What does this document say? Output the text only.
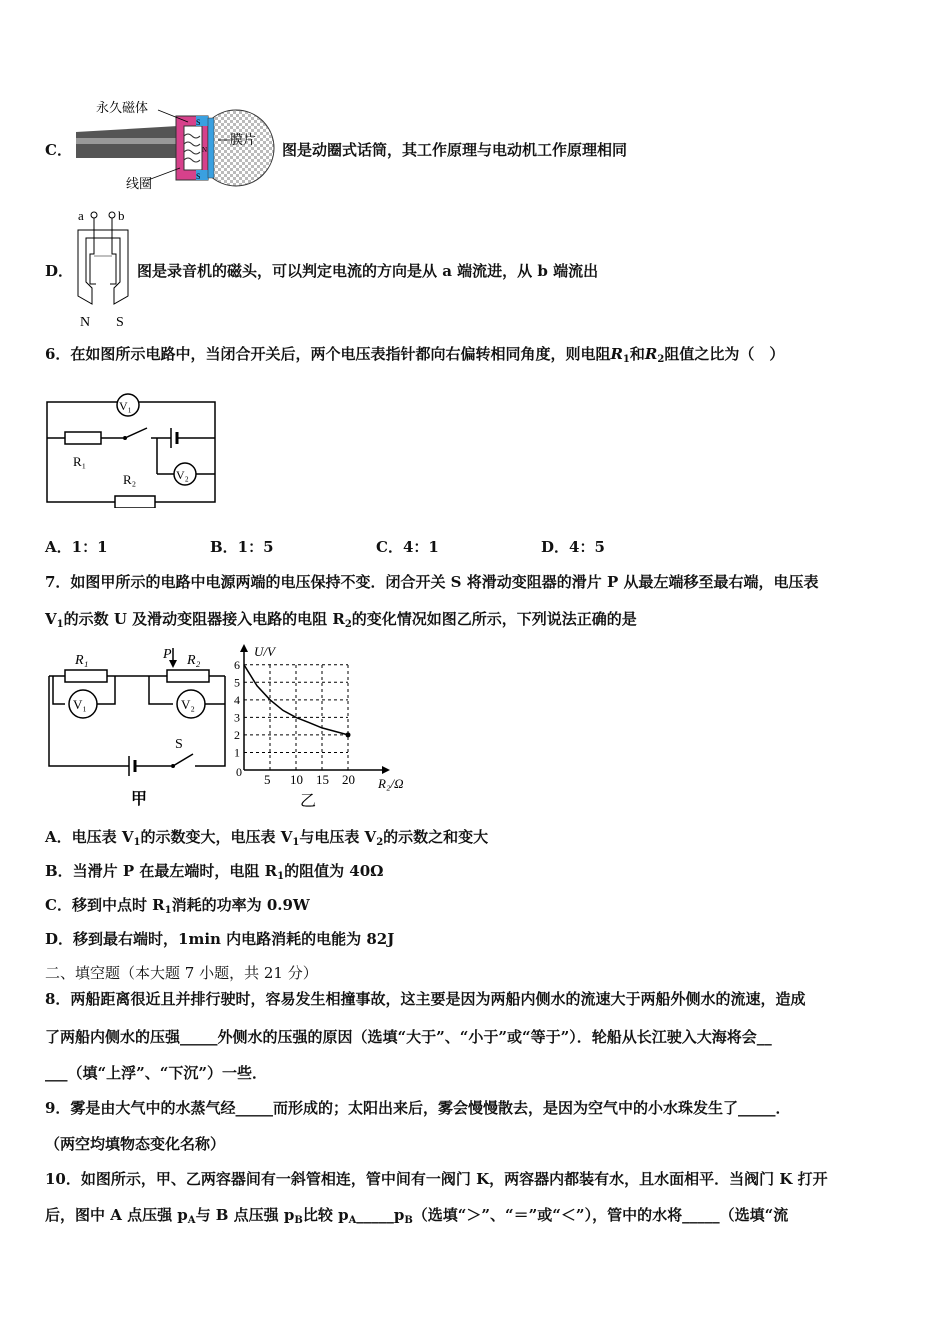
S
S
N
永久磁体
膜片
线圈
C．	图是动圈式话筒，其工作原理与电动机工作原理相同
a	b
N S
D．	图是录音机的磁头，可以判定电流的方向是从 a 端流进，从 b 端流出
6．在如图所示电路中，当闭合开关后，两个电压表指针都向右偏转相同角度，则电阻$R_1$和$R_2$阻值之比为（　）
V₁
V₂
R₁
R₂
A．1：1	B．1：5	C．4：1	D．4：5
7．如图甲所示的电路中电源两端的电压保持不变．闭合开关 S 将滑动变阻器的滑片 P 从最左端移至最右端，电压表
$V_1$的示数 U 及滑动变阻器接入电路的电阻 $R_2$的变化情况如图乙所示，下列说法正确的是
S
R₁
V₁
R₂
P
V₂
甲
1
2
3
4
5
6
5 10 15 20
U/V
R₂/Ω
0
乙
A．电压表 $V_1$的示数变大，电压表 $V_1$与电压表 $V_2$的示数之和变大
B．当滑片 P 在最左端时，电阻 $R_1$的阻值为 40Ω
C．移到中点时 $R_1$消耗的功率为 0.9W
D．移到最右端时，1min 内电路消耗的电能为 82J
二、填空题（本大题 7 小题，共 21 分）
8．两船距离很近且并排行驶时，容易发生相撞事故，这主要是因为两船内侧水的流速大于两船外侧水的流速，造成
了两船内侧水的压强_____外侧水的压强的原因（选填“大于”、“小于”或“等于”）．轮船从长江驶入大海将会__
___（填“上浮”、“下沉”）一些．
9．雾是由大气中的水蒸气经_____而形成的；太阳出来后，雾会慢慢散去，是因为空气中的小水珠发生了_____．
（两空均填物态变化名称）
10．如图所示，甲、乙两容器间有一斜管相连，管中间有一阀门 K，两容器内都装有水，且水面相平．当阀门 K 打开
后，图中 A 点压强 $p_A$与 B 点压强 $p_B$比较 $p_A\_\_\_\_\_p_B$（选填“＞”、“＝”或“＜”），管中的水将_____（选填“流
